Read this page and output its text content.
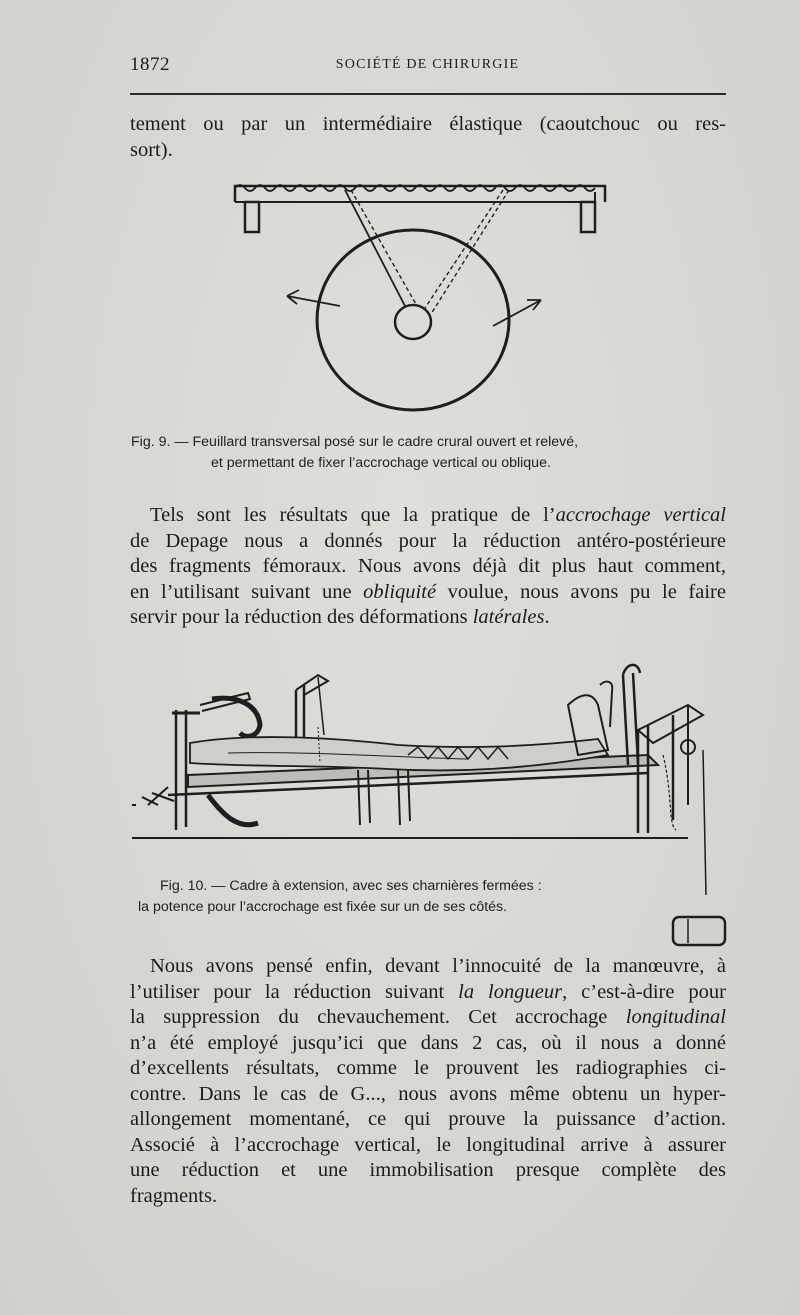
1872	SOCIÉTÉ DE CHIRURGIE
tement ou par un intermédiaire élastique (caoutchouc ou res-
sort).

Fig. 9. — Feuillard transversal posé sur le cadre crural ouvert et relevé,
et permettant de fixer l’accrochage vertical ou oblique.

Tels sont les résultats que la pratique de l’accrochage vertical
de Depage nous a donnés pour la réduction antéro-postérieure
des fragments fémoraux. Nous avons déjà dit plus haut comment,
en l’utilisant suivant une obliquité voulue, nous avons pu le faire
servir pour la réduction des déformations latérales.

Fig. 10. — Cadre à extension, avec ses charnières fermées :
la potence pour l’accrochage est fixée sur un de ses côtés.

Nous avons pensé enfin, devant l’innocuité de la manœuvre, à
l’utiliser pour la réduction suivant la longueur, c’est-à-dire pour
la suppression du chevauchement. Cet accrochage longitudinal
n’a été employé jusqu’ici que dans 2 cas, où il nous a donné
d’excellents résultats, comme le prouvent les radiographies ci-
contre. Dans le cas de G..., nous avons même obtenu un hyper-
allongement momentané, ce qui prouve la puissance d’action.
Associé à l’accrochage vertical, le longitudinal arrive à assurer
une réduction et une immobilisation presque complète des
fragments.
